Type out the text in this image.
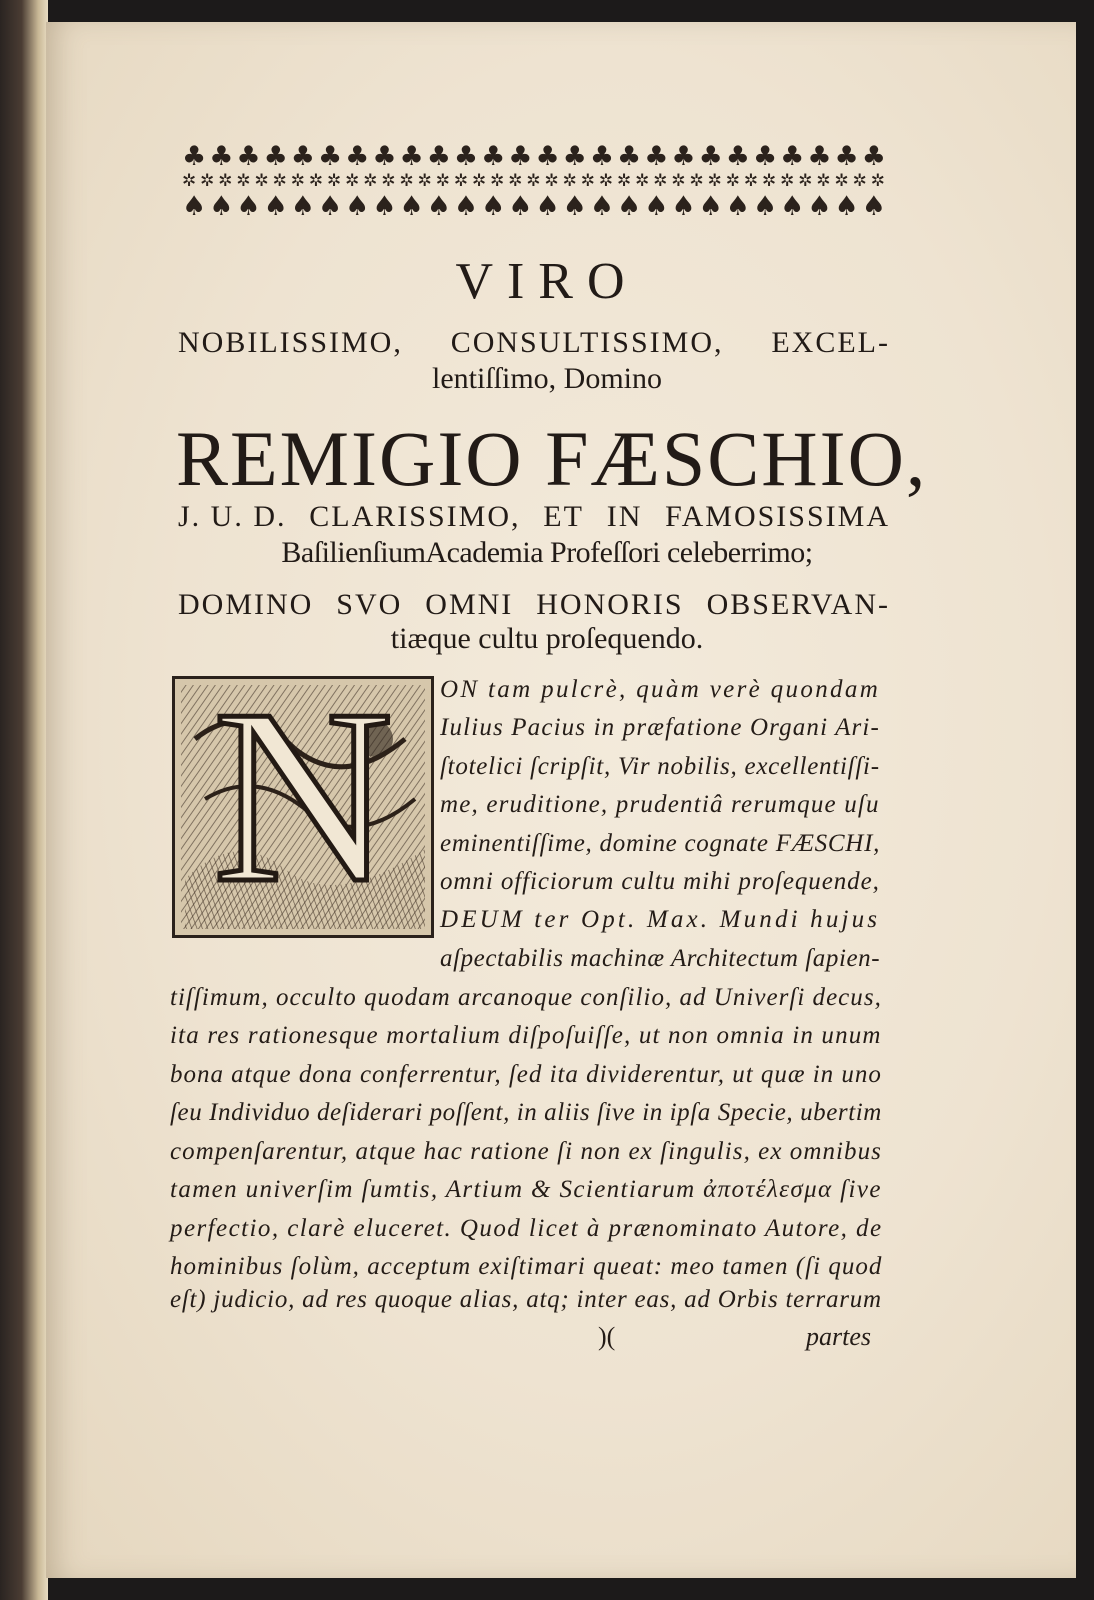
♣ ♣ ♣ ♣ ♣ ♣ ♣ ♣ ♣ ♣ ♣ ♣ ♣ ♣ ♣ ♣ ♣ ♣ ♣ ♣ ♣ ♣ ♣ ♣ ♣ ♣
✲ ✲ ✲ ✲ ✲ ✲ ✲ ✲ ✲ ✲ ✲ ✲ ✲ ✲ ✲ ✲ ✲ ✲ ✲ ✲ ✲ ✲ ✲ ✲ ✲ ✲ ✲ ✲ ✲ ✲ ✲ ✲ ✲ ✲ ✲ ✲ ✲ ✲ ✲
♠ ♠ ♠ ♠ ♠ ♠ ♠ ♠ ♠ ♠ ♠ ♠ ♠ ♠ ♠ ♠ ♠ ♠ ♠ ♠ ♠ ♠ ♠ ♠ ♠ ♠
VIRO
NOBILISSIMO, CONSULTISSIMO, EXCEL-
lentiſſimo, Domino
REMIGIO FÆSCHIO,
J. U. D. CLARISSIMO, ET IN FAMOSISSIMA
BaſilienſiumAcademia Profeſſori celeberrimo;
DOMINO SVO OMNI HONORIS OBSERVAN-
tiæque cultu proſequendo.
N	ON tam pulcrè, quàm verè quondam
Iulius Pacius in præfatione Organi Ari-
ſtotelici ſcripſit, Vir nobilis, excellentiſſi-
me, eruditione, prudentiâ rerumque uſu
eminentiſſime, domine cognate FÆSCHI,
omni officiorum cultu mihi proſequende,
DEUM ter Opt. Max. Mundi hujus
aſpectabilis machinæ Architectum ſapien-
tiſſimum, occulto quodam arcanoque conſilio, ad Univerſi decus,
ita res rationesque mortalium diſpoſuiſſe, ut non omnia in unum
bona atque dona conferrentur, ſed ita dividerentur, ut quæ in uno
ſeu Individuo deſiderari poſſent, in aliis ſive in ipſa Specie, ubertim
compenſarentur, atque hac ratione ſi non ex ſingulis, ex omnibus
tamen univerſim ſumtis, Artium & Scientiarum ἀποτέλεσμα ſive
perfectio, clarè eluceret. Quod licet à prænominato Autore, de
hominibus ſolùm, acceptum exiſtimari queat: meo tamen (ſi quod
eſt) judicio, ad res quoque alias, atq; inter eas, ad Orbis terrarum
)(	partes
